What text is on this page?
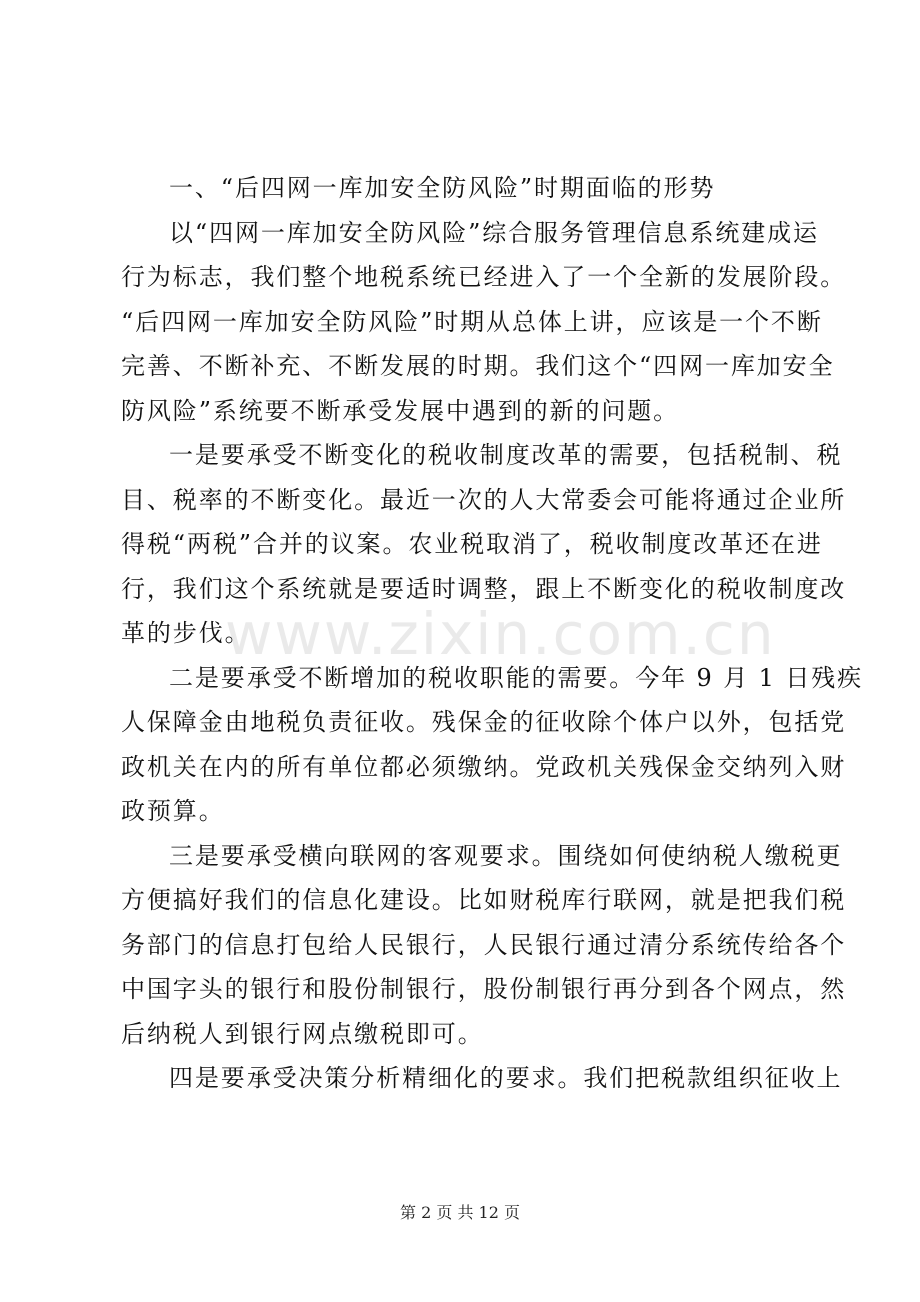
一、“后四网一库加安全防风险”时期面临的形势
以“四网一库加安全防风险”综合服务管理信息系统建成运
行为标志，我们整个地税系统已经进入了一个全新的发展阶段。
“后四网一库加安全防风险”时期从总体上讲，应该是一个不断
完善、不断补充、不断发展的时期。我们这个“四网一库加安全
防风险”系统要不断承受发展中遇到的新的问题。
一是要承受不断变化的税收制度改革的需要，包括税制、税
目、税率的不断变化。最近一次的人大常委会可能将通过企业所
得税“两税”合并的议案。农业税取消了，税收制度改革还在进
行，我们这个系统就是要适时调整，跟上不断变化的税收制度改
革的步伐。
二是要承受不断增加的税收职能的需要。今年 9 月 1 日残疾
人保障金由地税负责征收。残保金的征收除个体户以外，包括党
政机关在内的所有单位都必须缴纳。党政机关残保金交纳列入财
政预算。
三是要承受横向联网的客观要求。围绕如何使纳税人缴税更
方便搞好我们的信息化建设。比如财税库行联网，就是把我们税
务部门的信息打包给人民银行，人民银行通过清分系统传给各个
中国字头的银行和股份制银行，股份制银行再分到各个网点，然
后纳税人到银行网点缴税即可。
四是要承受决策分析精细化的要求。我们把税款组织征收上
www.zixin.com.cn
第 2 页 共 12 页
